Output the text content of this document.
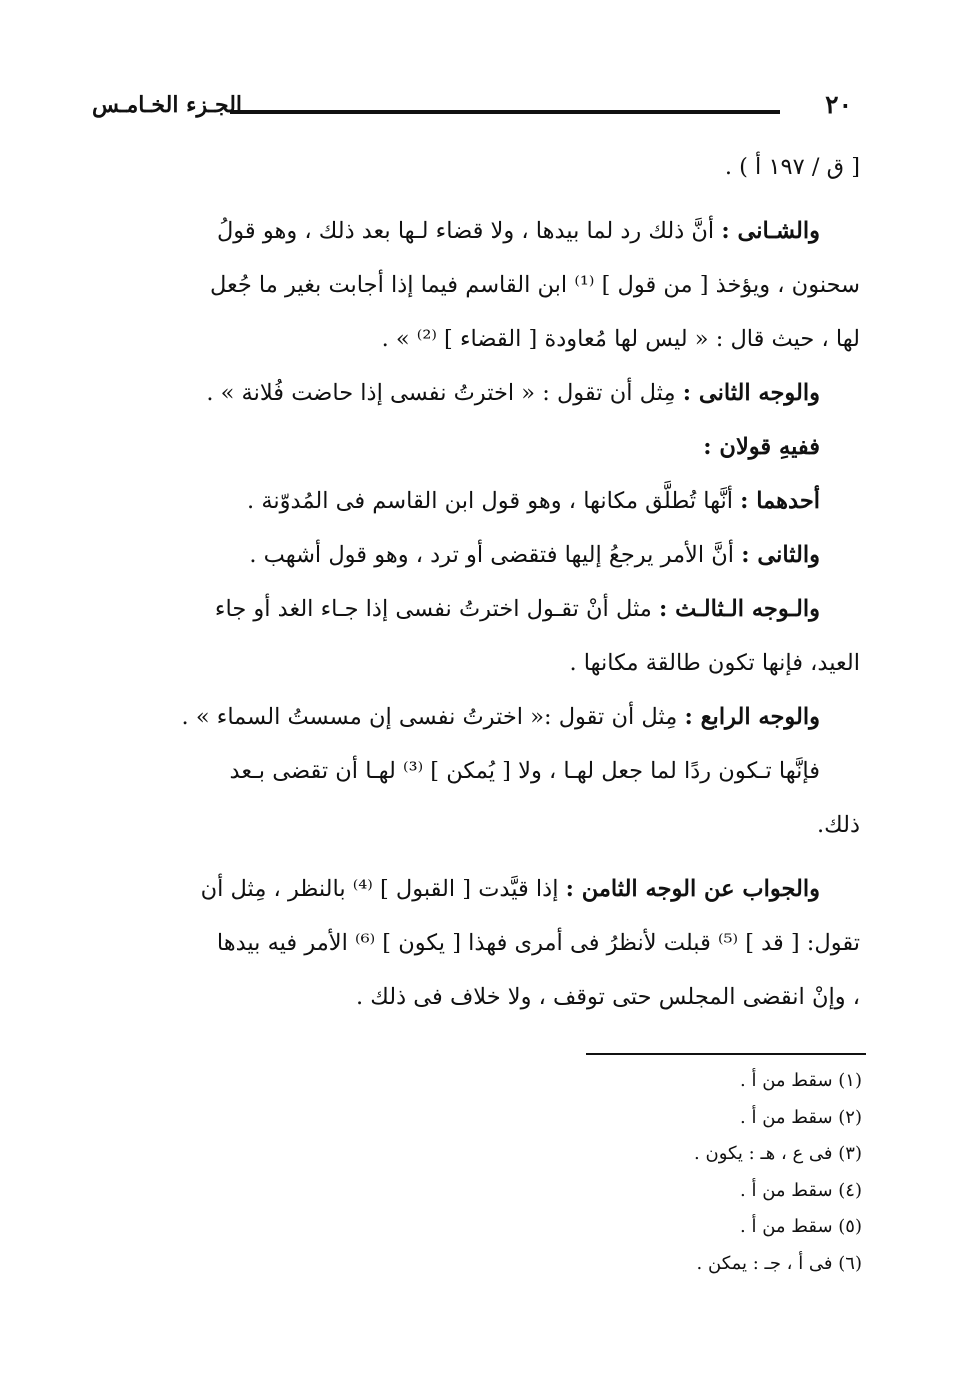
٢٠
الجـزء الخـامـس
[ ق / ١٩٧ أ ) .
والشـانى : أنَّ ذلك رد لما بيدها ، ولا قضاء لـها بعد ذلك ، وهو قولُ
سحنون ، ويؤخذ [ من قول ] ⁽¹⁾ ابن القاسم فيما إذا أجابت بغير ما جُعل
لها ، حيث قال : « ليس لها مُعاودة [ القضاء ] ⁽²⁾ » .
والوجه الثانى : مِثل أن تقول : « اخترتُ نفسى إذا حاضت فُلانة » .
ففيهِ قولان :
أحدهما : أنَّها تُطلَّق مكانها ، وهو قول ابن القاسم فى المُدوّنة .
والثانى : أنَّ الأمر يرجعُ إليها فتقضى أو ترد ، وهو قول أشهب .
والـوجه الـثالـث : مثل أنْ تقـول اخترتُ نفسى إذا جـاء الغد أو جاء
العيد، فإنها تكون طالقة مكانها .
والوجه الرابع : مِثل أن تقول :« اخترتُ نفسى إن مسستُ السماء » .
فإنَّها تـكون ردًا لما جعل لهـا ، ولا [ يُمكن ] ⁽³⁾ لهـا أن تقضى بـعد
ذلك.
والجواب عن الوجه الثامن : إذا قيَّدت [ القبول ] ⁽⁴⁾ بالنظر ، مِثل أن
تقول: [ قد ] ⁽⁵⁾ قبلت لأنظرُ فى أمرى فهذا [ يكون ] ⁽⁶⁾ الأمر فيه بيدها
، وإنْ انقضى المجلس حتى توقف ، ولا خلاف فى ذلك .
(١) سقط من أ .
(٢) سقط من أ .
(٣) فى ع ، هـ : يكون .
(٤) سقط من أ .
(٥) سقط من أ .
(٦) فى أ ، جـ : يمكن .
